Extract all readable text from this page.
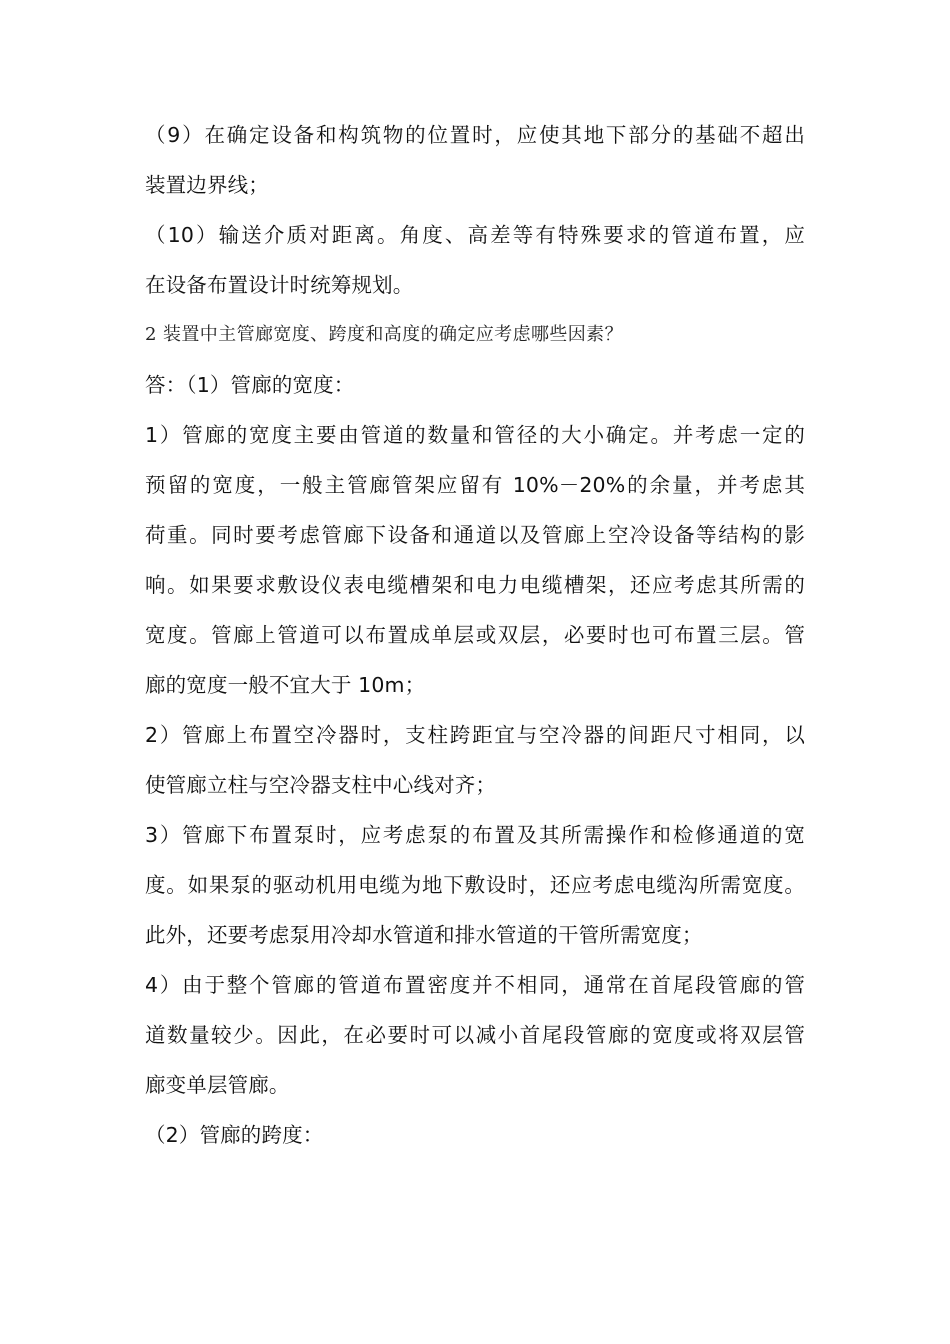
（9）在确定设备和构筑物的位置时，应使其地下部分的基础不超出
装置边界线；
（10）输送介质对距离。角度、高差等有特殊要求的管道布置，应
在设备布置设计时统筹规划。
2 装置中主管廊宽度、跨度和高度的确定应考虑哪些因素？
答：（1）管廊的宽度：
1）管廊的宽度主要由管道的数量和管径的大小确定。并考虑一定的
预留的宽度，一般主管廊管架应留有 10%－20%的余量，并考虑其
荷重。同时要考虑管廊下设备和通道以及管廊上空冷设备等结构的影
响。如果要求敷设仪表电缆槽架和电力电缆槽架，还应考虑其所需的
宽度。管廊上管道可以布置成单层或双层，必要时也可布置三层。管
廊的宽度一般不宜大于 10m；
2）管廊上布置空冷器时，支柱跨距宜与空冷器的间距尺寸相同，以
使管廊立柱与空冷器支柱中心线对齐；
3）管廊下布置泵时，应考虑泵的布置及其所需操作和检修通道的宽
度。如果泵的驱动机用电缆为地下敷设时，还应考虑电缆沟所需宽度。
此外，还要考虑泵用冷却水管道和排水管道的干管所需宽度；
4）由于整个管廊的管道布置密度并不相同，通常在首尾段管廊的管
道数量较少。因此，在必要时可以减小首尾段管廊的宽度或将双层管
廊变单层管廊。
（2）管廊的跨度：
